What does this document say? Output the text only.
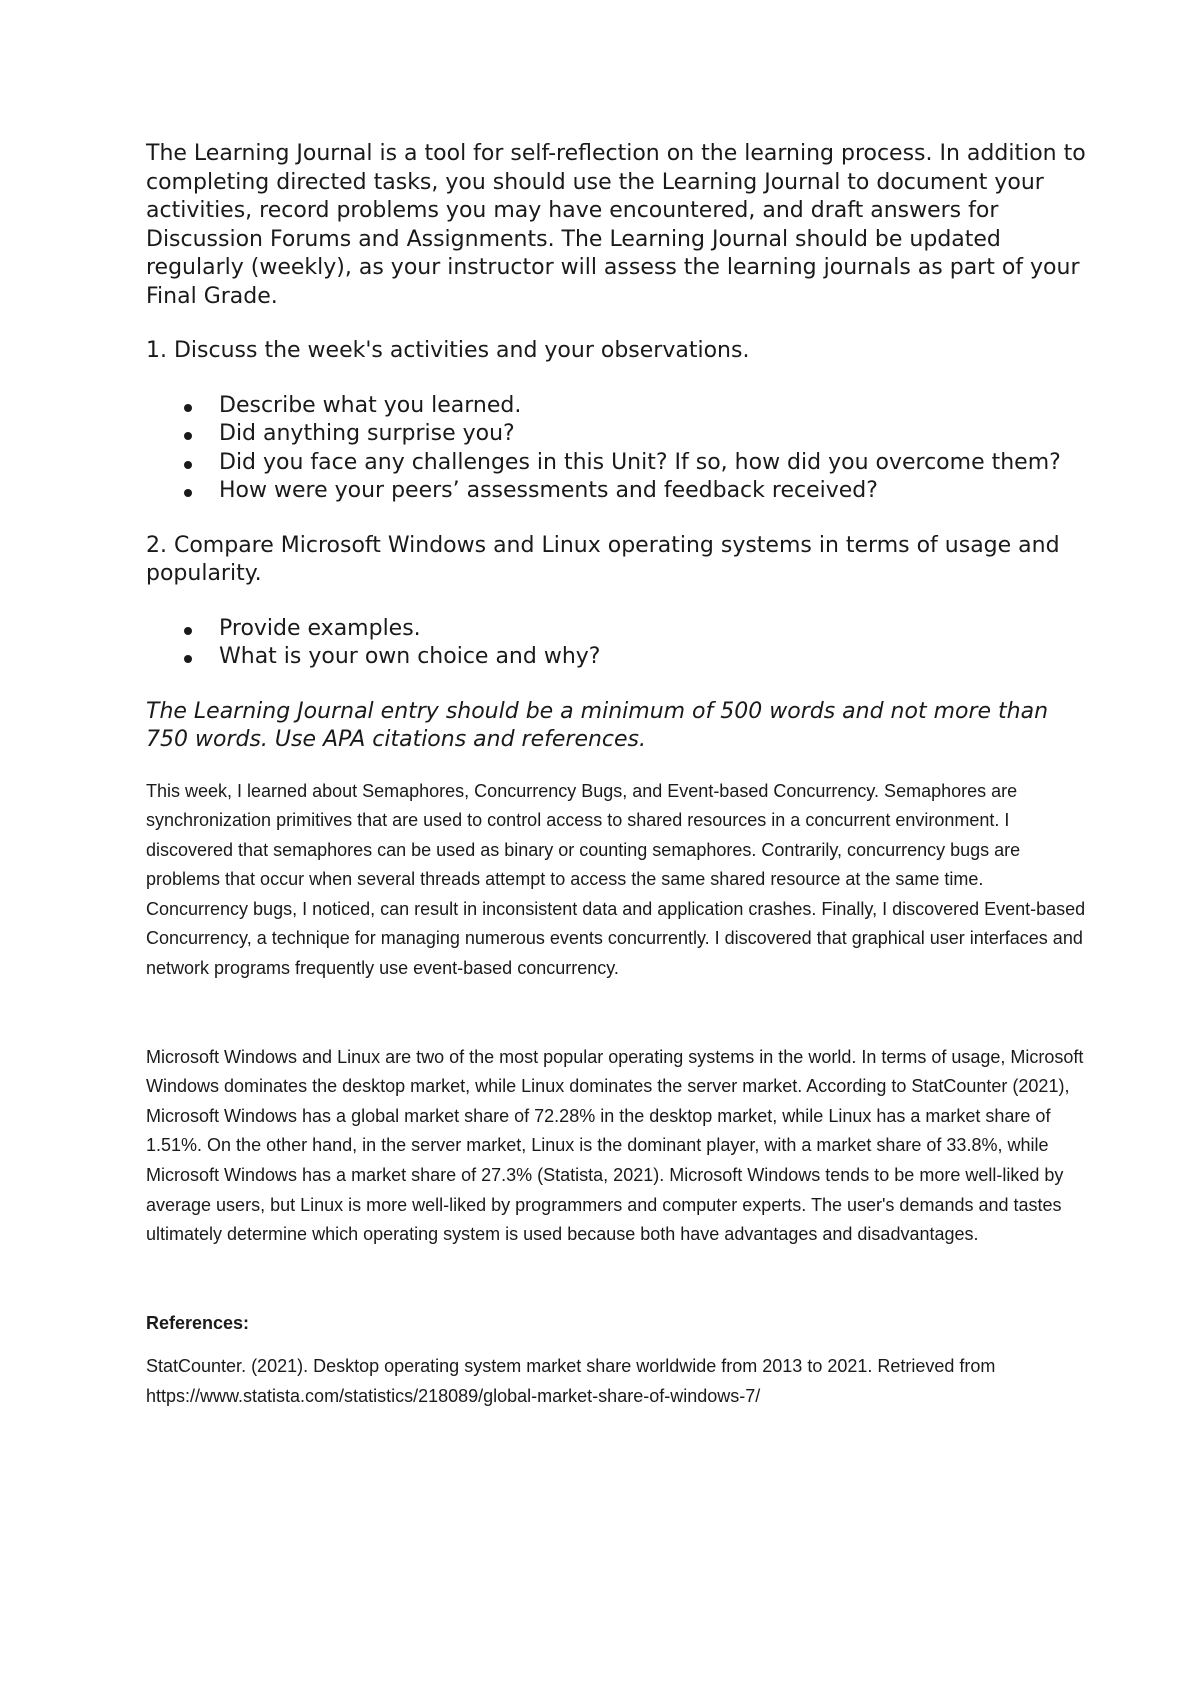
The Learning Journal is a tool for self-reflection on the learning process. In addition to completing directed tasks, you should use the Learning Journal to document your activities, record problems you may have encountered, and draft answers for Discussion Forums and Assignments. The Learning Journal should be updated regularly (weekly), as your instructor will assess the learning journals as part of your Final Grade.

1. Discuss the week's activities and your observations.

Describe what you learned.
Did anything surprise you?
Did you face any challenges in this Unit? If so, how did you overcome them?
How were your peers’ assessments and feedback received?

2. Compare Microsoft Windows and Linux operating systems in terms of usage and popularity.

Provide examples.
What is your own choice and why?

The Learning Journal entry should be a minimum of 500 words and not more than 750 words. Use APA citations and references.

This week, I learned about Semaphores, Concurrency Bugs, and Event-based Concurrency. Semaphores are synchronization primitives that are used to control access to shared resources in a concurrent environment. I discovered that semaphores can be used as binary or counting semaphores. Contrarily, concurrency bugs are problems that occur when several threads attempt to access the same shared resource at the same time. Concurrency bugs, I noticed, can result in inconsistent data and application crashes. Finally, I discovered Event-based Concurrency, a technique for managing numerous events concurrently. I discovered that graphical user interfaces and network programs frequently use event-based concurrency.

Microsoft Windows and Linux are two of the most popular operating systems in the world. In terms of usage, Microsoft Windows dominates the desktop market, while Linux dominates the server market. According to StatCounter (2021), Microsoft Windows has a global market share of 72.28% in the desktop market, while Linux has a market share of 1.51%. On the other hand, in the server market, Linux is the dominant player, with a market share of 33.8%, while Microsoft Windows has a market share of 27.3% (Statista, 2021). Microsoft Windows tends to be more well-liked by average users, but Linux is more well-liked by programmers and computer experts. The user's demands and tastes ultimately determine which operating system is used because both have advantages and disadvantages.

References:

StatCounter. (2021). Desktop operating system market share worldwide from 2013 to 2021. Retrieved from https://www.statista.com/statistics/218089/global-market-share-of-windows-7/
